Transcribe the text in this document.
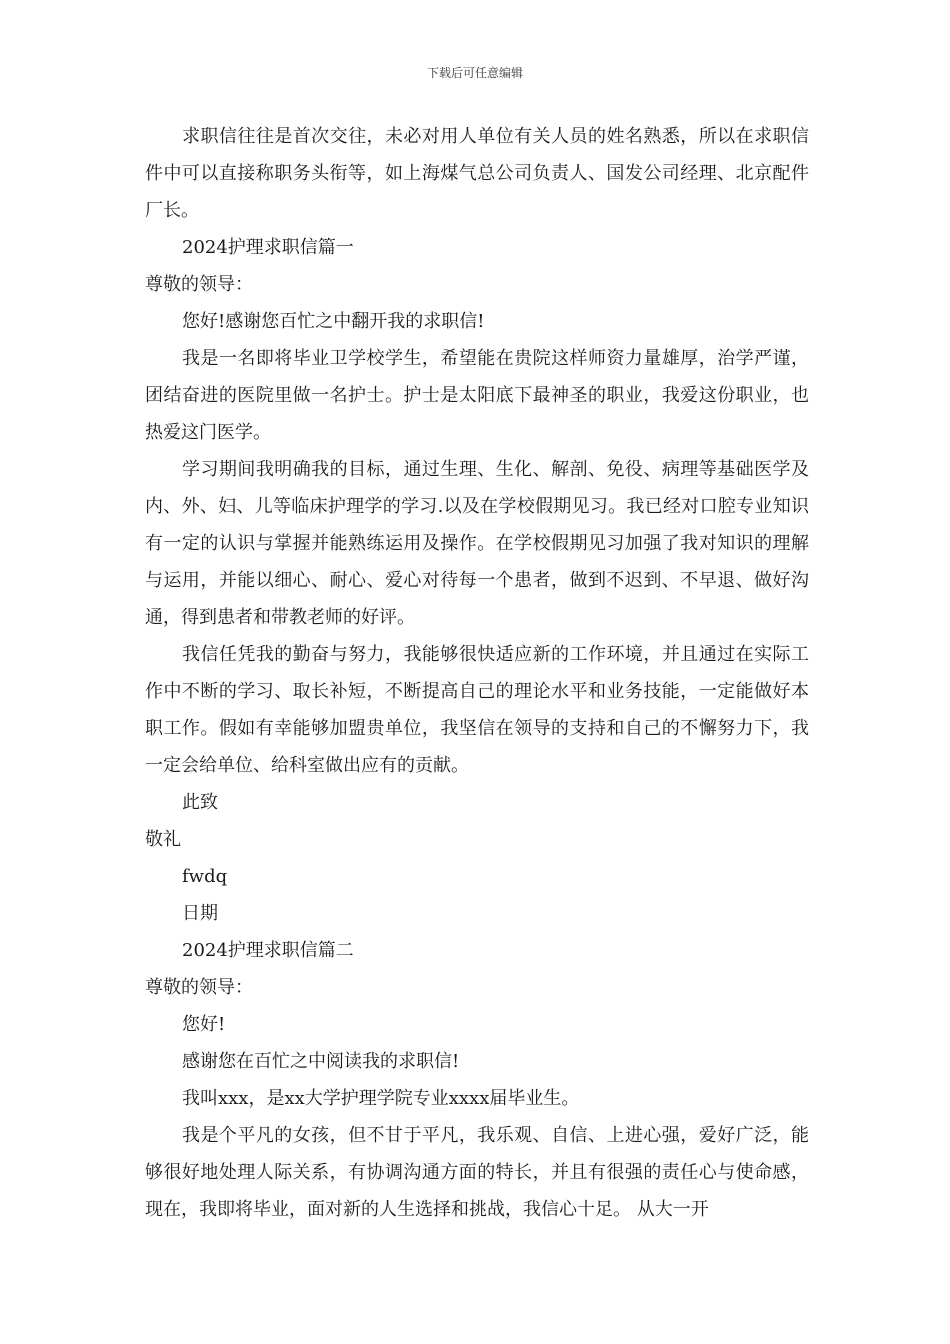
下载后可任意编辑

求职信往往是首次交往，未必对用人单位有关人员的姓名熟悉，所以在求职信件中可以直接称职务头衔等，如上海煤气总公司负责人、国发公司经理、北京配件厂长。

2024护理求职信篇一

尊敬的领导：

您好!感谢您百忙之中翻开我的求职信!

我是一名即将毕业卫学校学生，希望能在贵院这样师资力量雄厚，治学严谨，团结奋进的医院里做一名护士。护士是太阳底下最神圣的职业，我爱这份职业，也热爱这门医学。

学习期间我明确我的目标，通过生理、生化、解剖、免役、病理等基础医学及内、外、妇、儿等临床护理学的学习.以及在学校假期见习。我已经对口腔专业知识有一定的认识与掌握并能熟练运用及操作。在学校假期见习加强了我对知识的理解与运用，并能以细心、耐心、爱心对待每一个患者，做到不迟到、不早退、做好沟通，得到患者和带教老师的好评。

我信任凭我的勤奋与努力，我能够很快适应新的工作环境，并且通过在实际工作中不断的学习、取长补短，不断提高自己的理论水平和业务技能，一定能做好本职工作。假如有幸能够加盟贵单位，我坚信在领导的支持和自己的不懈努力下，我一定会给单位、给科室做出应有的贡献。

此致

敬礼

fwdq

日期

2024护理求职信篇二

尊敬的领导：

您好!

感谢您在百忙之中阅读我的求职信!

我叫xxx，是xx大学护理学院专业xxxx届毕业生。

我是个平凡的女孩，但不甘于平凡，我乐观、自信、上进心强，爱好广泛，能够很好地处理人际关系，有协调沟通方面的特长，并且有很强的责任心与使命感，现在，我即将毕业，面对新的人生选择和挑战，我信心十足。 从大一开
